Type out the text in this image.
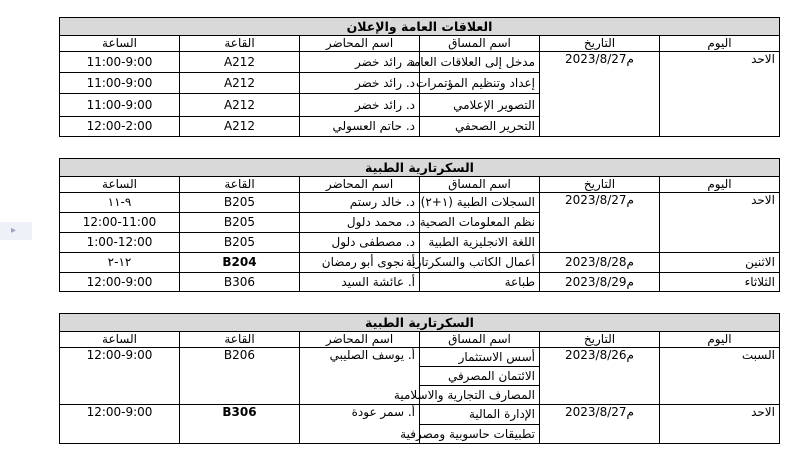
▸
العلاقات العامة والإعلان					
الساعة	القاعة	اسم المحاضر	اسم المساق	التاريخ	اليوم
11:00-9:00	A212	د. رائد خضر	مدخل إلى العلاقات العامة	2023/8/27م	الاحد
11:00-9:00	A212	د. رائد خضر	إعداد وتنظيم المؤتمرات		
11:00-9:00	A212	د. رائد خضر	التصوير الإعلامي		
12:00-2:00	A212	د. حاتم العسولي	التحرير الصحفي		
السكرتارية الطبية					
الساعة	القاعة	اسم المحاضر	اسم المساق	التاريخ	اليوم
٩-١١	B205	د. خالد رستم	السجلات الطبية (١+٢)	2023/8/27م	الاحد
12:00-11:00	B205	د. محمد دلول	نظم المعلومات الصحية		
1:00-12:00	B205	د. مصطفى دلول	اللغة الانجليزية الطبية		
١٢-٢	B204	أ. نجوى أبو رمضان	أعمال الكاتب والسكرتارية	2023/8/28م	الاثنين
12:00-9:00	B306	أ. عائشة السيد	طباعة	2023/8/29م	الثلاثاء
السكرتارية الطبية					
الساعة	القاعة	اسم المحاضر	اسم المساق	التاريخ	اليوم
12:00-9:00	B206	أ. يوسف الصليبي	أسس الاستثمار	2023/8/26م	السبت
			الائتمان المصرفي		
			المصارف التجارية والاسلامية		
12:00-9:00	B306	أ. سمر عودة	الإدارة المالية	2023/8/27م	الاحد
			تطبيقات حاسوبية ومصرفية		
